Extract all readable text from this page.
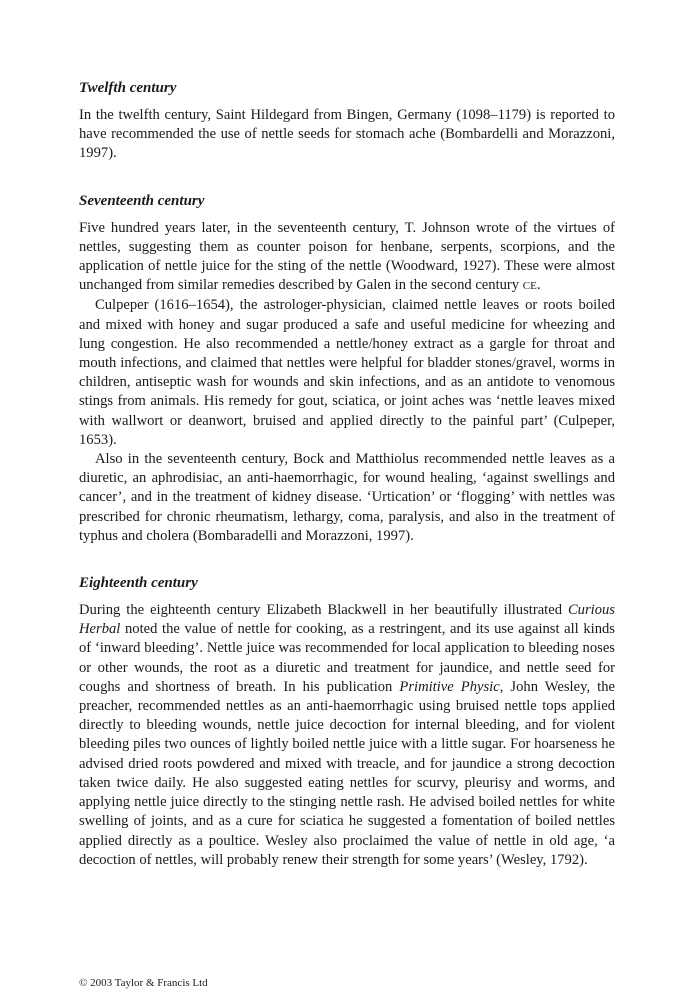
Twelfth century

In the twelfth century, Saint Hildegard from Bingen, Germany (1098–1179) is reported to have recommended the use of nettle seeds for stomach ache (Bombardelli and Morazzoni, 1997).

Seventeenth century

Five hundred years later, in the seventeenth century, T. Johnson wrote of the virtues of nettles, suggesting them as counter poison for henbane, serpents, scorpions, and the application of nettle juice for the sting of the nettle (Woodward, 1927). These were almost unchanged from similar remedies described by Galen in the second century CE.

Culpeper (1616–1654), the astrologer-physician, claimed nettle leaves or roots boiled and mixed with honey and sugar produced a safe and useful medicine for wheezing and lung congestion. He also recommended a nettle/honey extract as a gargle for throat and mouth infections, and claimed that nettles were helpful for bladder stones/gravel, worms in children, antiseptic wash for wounds and skin infections, and as an antidote to venomous stings from animals. His remedy for gout, sciatica, or joint aches was ‘nettle leaves mixed with wallwort or deanwort, bruised and applied directly to the painful part’ (Culpeper, 1653).

Also in the seventeenth century, Bock and Matthiolus recommended nettle leaves as a diuretic, an aphrodisiac, an anti-haemorrhagic, for wound healing, ‘against swellings and cancer’, and in the treatment of kidney disease. ‘Urtication’ or ‘flogging’ with nettles was prescribed for chronic rheumatism, lethargy, coma, paralysis, and also in the treatment of typhus and cholera (Bombaradelli and Morazzoni, 1997).

Eighteenth century

During the eighteenth century Elizabeth Blackwell in her beautifully illustrated Curious Herbal noted the value of nettle for cooking, as a restringent, and its use against all kinds of ‘inward bleeding’. Nettle juice was recommended for local application to bleeding noses or other wounds, the root as a diuretic and treatment for jaundice, and nettle seed for coughs and shortness of breath. In his publication Primitive Physic, John Wesley, the preacher, recommended nettles as an anti-haemorrhagic using bruised nettle tops applied directly to bleeding wounds, nettle juice decoction for internal bleeding, and for violent bleeding piles two ounces of lightly boiled nettle juice with a little sugar. For hoarseness he advised dried roots powdered and mixed with treacle, and for jaundice a strong decoction taken twice daily. He also suggested eating nettles for scurvy, pleurisy and worms, and applying nettle juice directly to the stinging nettle rash. He advised boiled nettles for white swelling of joints, and as a cure for sciatica he suggested a fomentation of boiled nettles applied directly as a poultice. Wesley also proclaimed the value of nettle in old age, ‘a decoction of nettles, will probably renew their strength for some years’ (Wesley, 1792).

© 2003 Taylor & Francis Ltd
